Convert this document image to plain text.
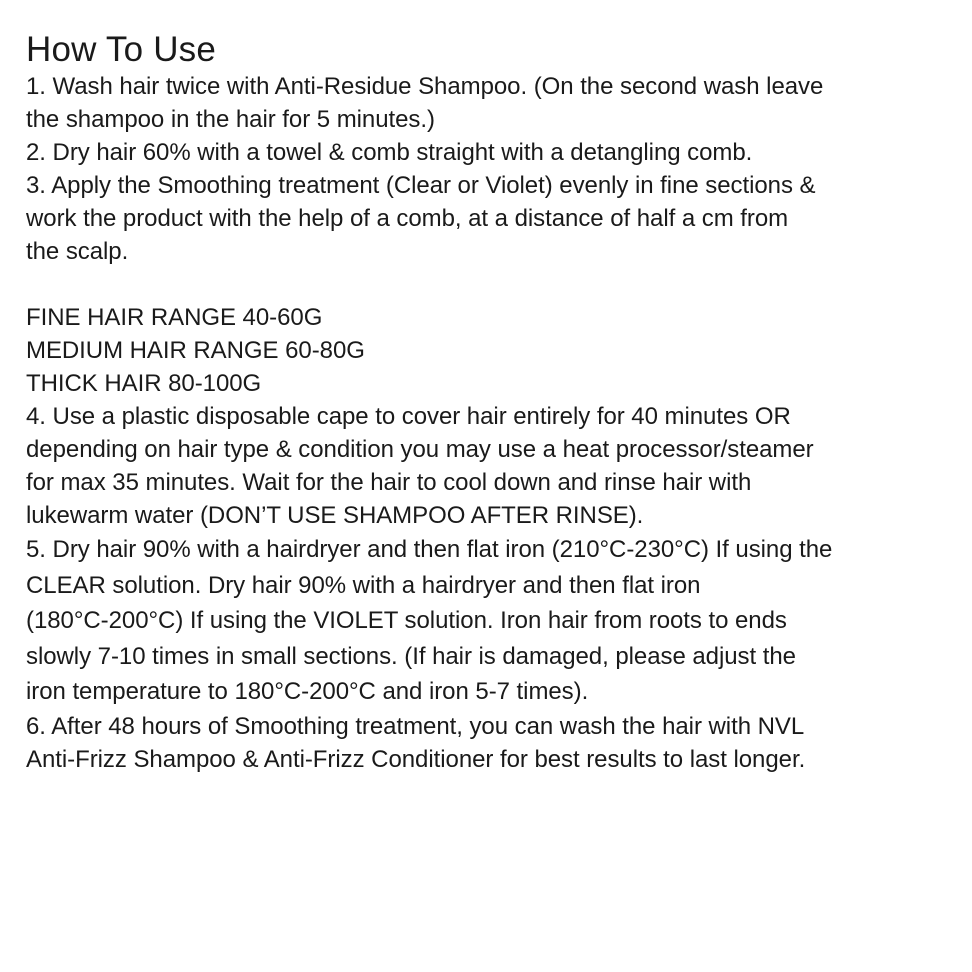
How To Use
1. Wash hair twice with Anti-Residue Shampoo. (On the second wash leave
the shampoo in the hair for 5 minutes.)
2. Dry hair 60% with a towel & comb straight with a detangling comb.
3. Apply the Smoothing treatment (Clear or Violet) evenly in fine sections &
work the product with the help of a comb, at a distance of half a cm from
the scalp.
FINE HAIR RANGE 40-60G
MEDIUM HAIR RANGE 60-80G
THICK HAIR 80-100G
4. Use a plastic disposable cape to cover hair entirely for 40 minutes OR
depending on hair type & condition you may use a heat processor/steamer
for max 35 minutes. Wait for the hair to cool down and rinse hair with
lukewarm water (DON’T USE SHAMPOO AFTER RINSE).
5. Dry hair 90% with a hairdryer and then flat iron (210°C-230°C) If using the
CLEAR solution. Dry hair 90% with a hairdryer and then flat iron
(180°C-200°C) If using the VIOLET solution. Iron hair from roots to ends
slowly 7-10 times in small sections. (If hair is damaged, please adjust the
iron temperature to 180°C-200°C and iron 5-7 times).
6. After 48 hours of Smoothing treatment, you can wash the hair with NVL
Anti-Frizz Shampoo & Anti-Frizz Conditioner for best results to last longer.
